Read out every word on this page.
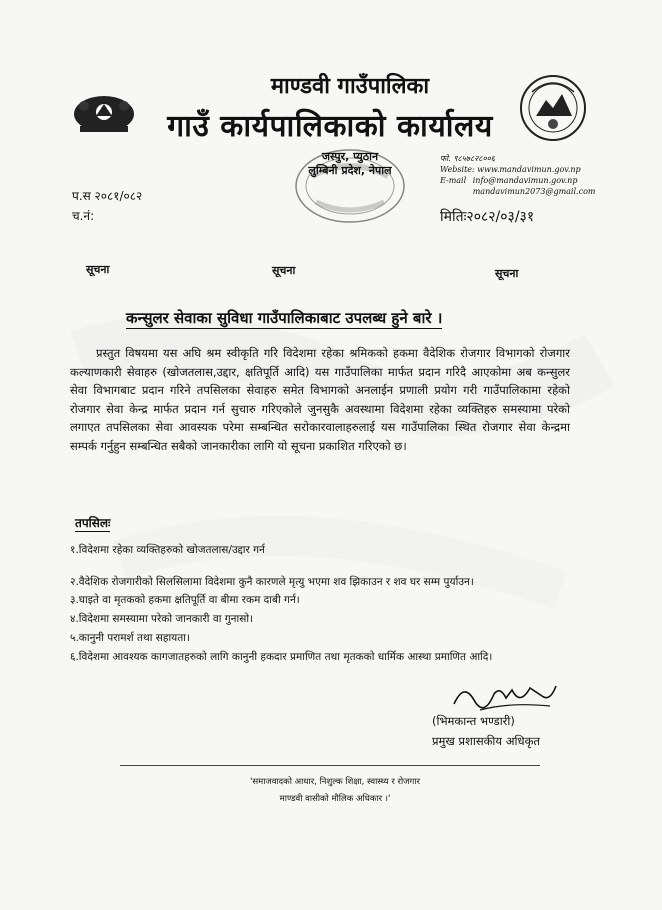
माण्डवी गाउँपालिका
गाउँ कार्यपालिकाको कार्यालय
जस्पुर, प्युठान
लुम्बिनी प्रदेश, नेपाल
फो. ९८५७८२८००६
Website: www.mandavimun.gov.np
E-mail info@mandavimun.gov.np
mandavimun2073@gmail.com
प.स २०८१/०८२
च.नं:	मितिः२०८२/०३/३१
सूचना	सूचना	सूचना
कन्सुलर सेवाका सुविधा गाउँपालिकाबाट उपलब्ध हुने बारे ।
प्रस्तुत विषयमा यस अघि श्रम स्वीकृति गरि विदेशमा रहेका श्रमिकको हकमा वैदेशिक रोजगार विभागको रोजगार कल्याणकारी सेवाहरु (खोजतलास,उद्दार, क्षतिपूर्ति आदि) यस गाउँपालिका मार्फत प्रदान गरिदै आएकोमा अब कन्सुलर सेवा विभागबाट प्रदान गरिने तपसिलका सेवाहरु समेत विभागको अनलाईन प्रणाली प्रयोग गरी गाउँपालिकामा रहेको रोजगार सेवा केन्द्र मार्फत प्रदान गर्न सुचारु गरिएकोले जुनसुकै अवस्थामा विदेशमा रहेका व्यक्तिहरु समस्यामा परेको लगाएत तपसिलका सेवा आवस्यक परेमा सम्बन्धित सरोकारवालाहरुलाई यस गाउँपालिका स्थित रोजगार सेवा केन्द्रमा सम्पर्क गर्नुहुन सम्बन्धित सबैको जानकारीका लागि यो सूचना प्रकाशित गरिएको छ।
तपसिलः
१.विदेशमा रहेका व्यक्तिहरुको खोजतलास/उद्दार गर्न
२.वैदेशिक रोजगारीको सिलसिलामा विदेशमा कुनै कारणले मृत्यु भएमा शव झिकाउन र शव घर सम्म पुर्याउन।
३.घाइते वा मृतकको हकमा क्षतिपूर्ति वा बीमा रकम दाबी गर्न।
४.विदेशमा समस्यामा परेको जानकारी वा गुनासो।
५.कानुनी परामर्श तथा सहायता।
६.विदेशमा आवश्यक कागजातहरुको लागि कानुनी हकदार प्रमाणित तथा मृतकको धार्मिक आस्था प्रमाणित आदि।
(भिमकान्त भण्डारी)
प्रमुख प्रशासकीय अधिकृत
'समाजवादको आधार, निशुल्क शिक्षा, स्वास्थ्य र रोजगार
माण्डवी वासीको मौलिक अधिकार ।'
